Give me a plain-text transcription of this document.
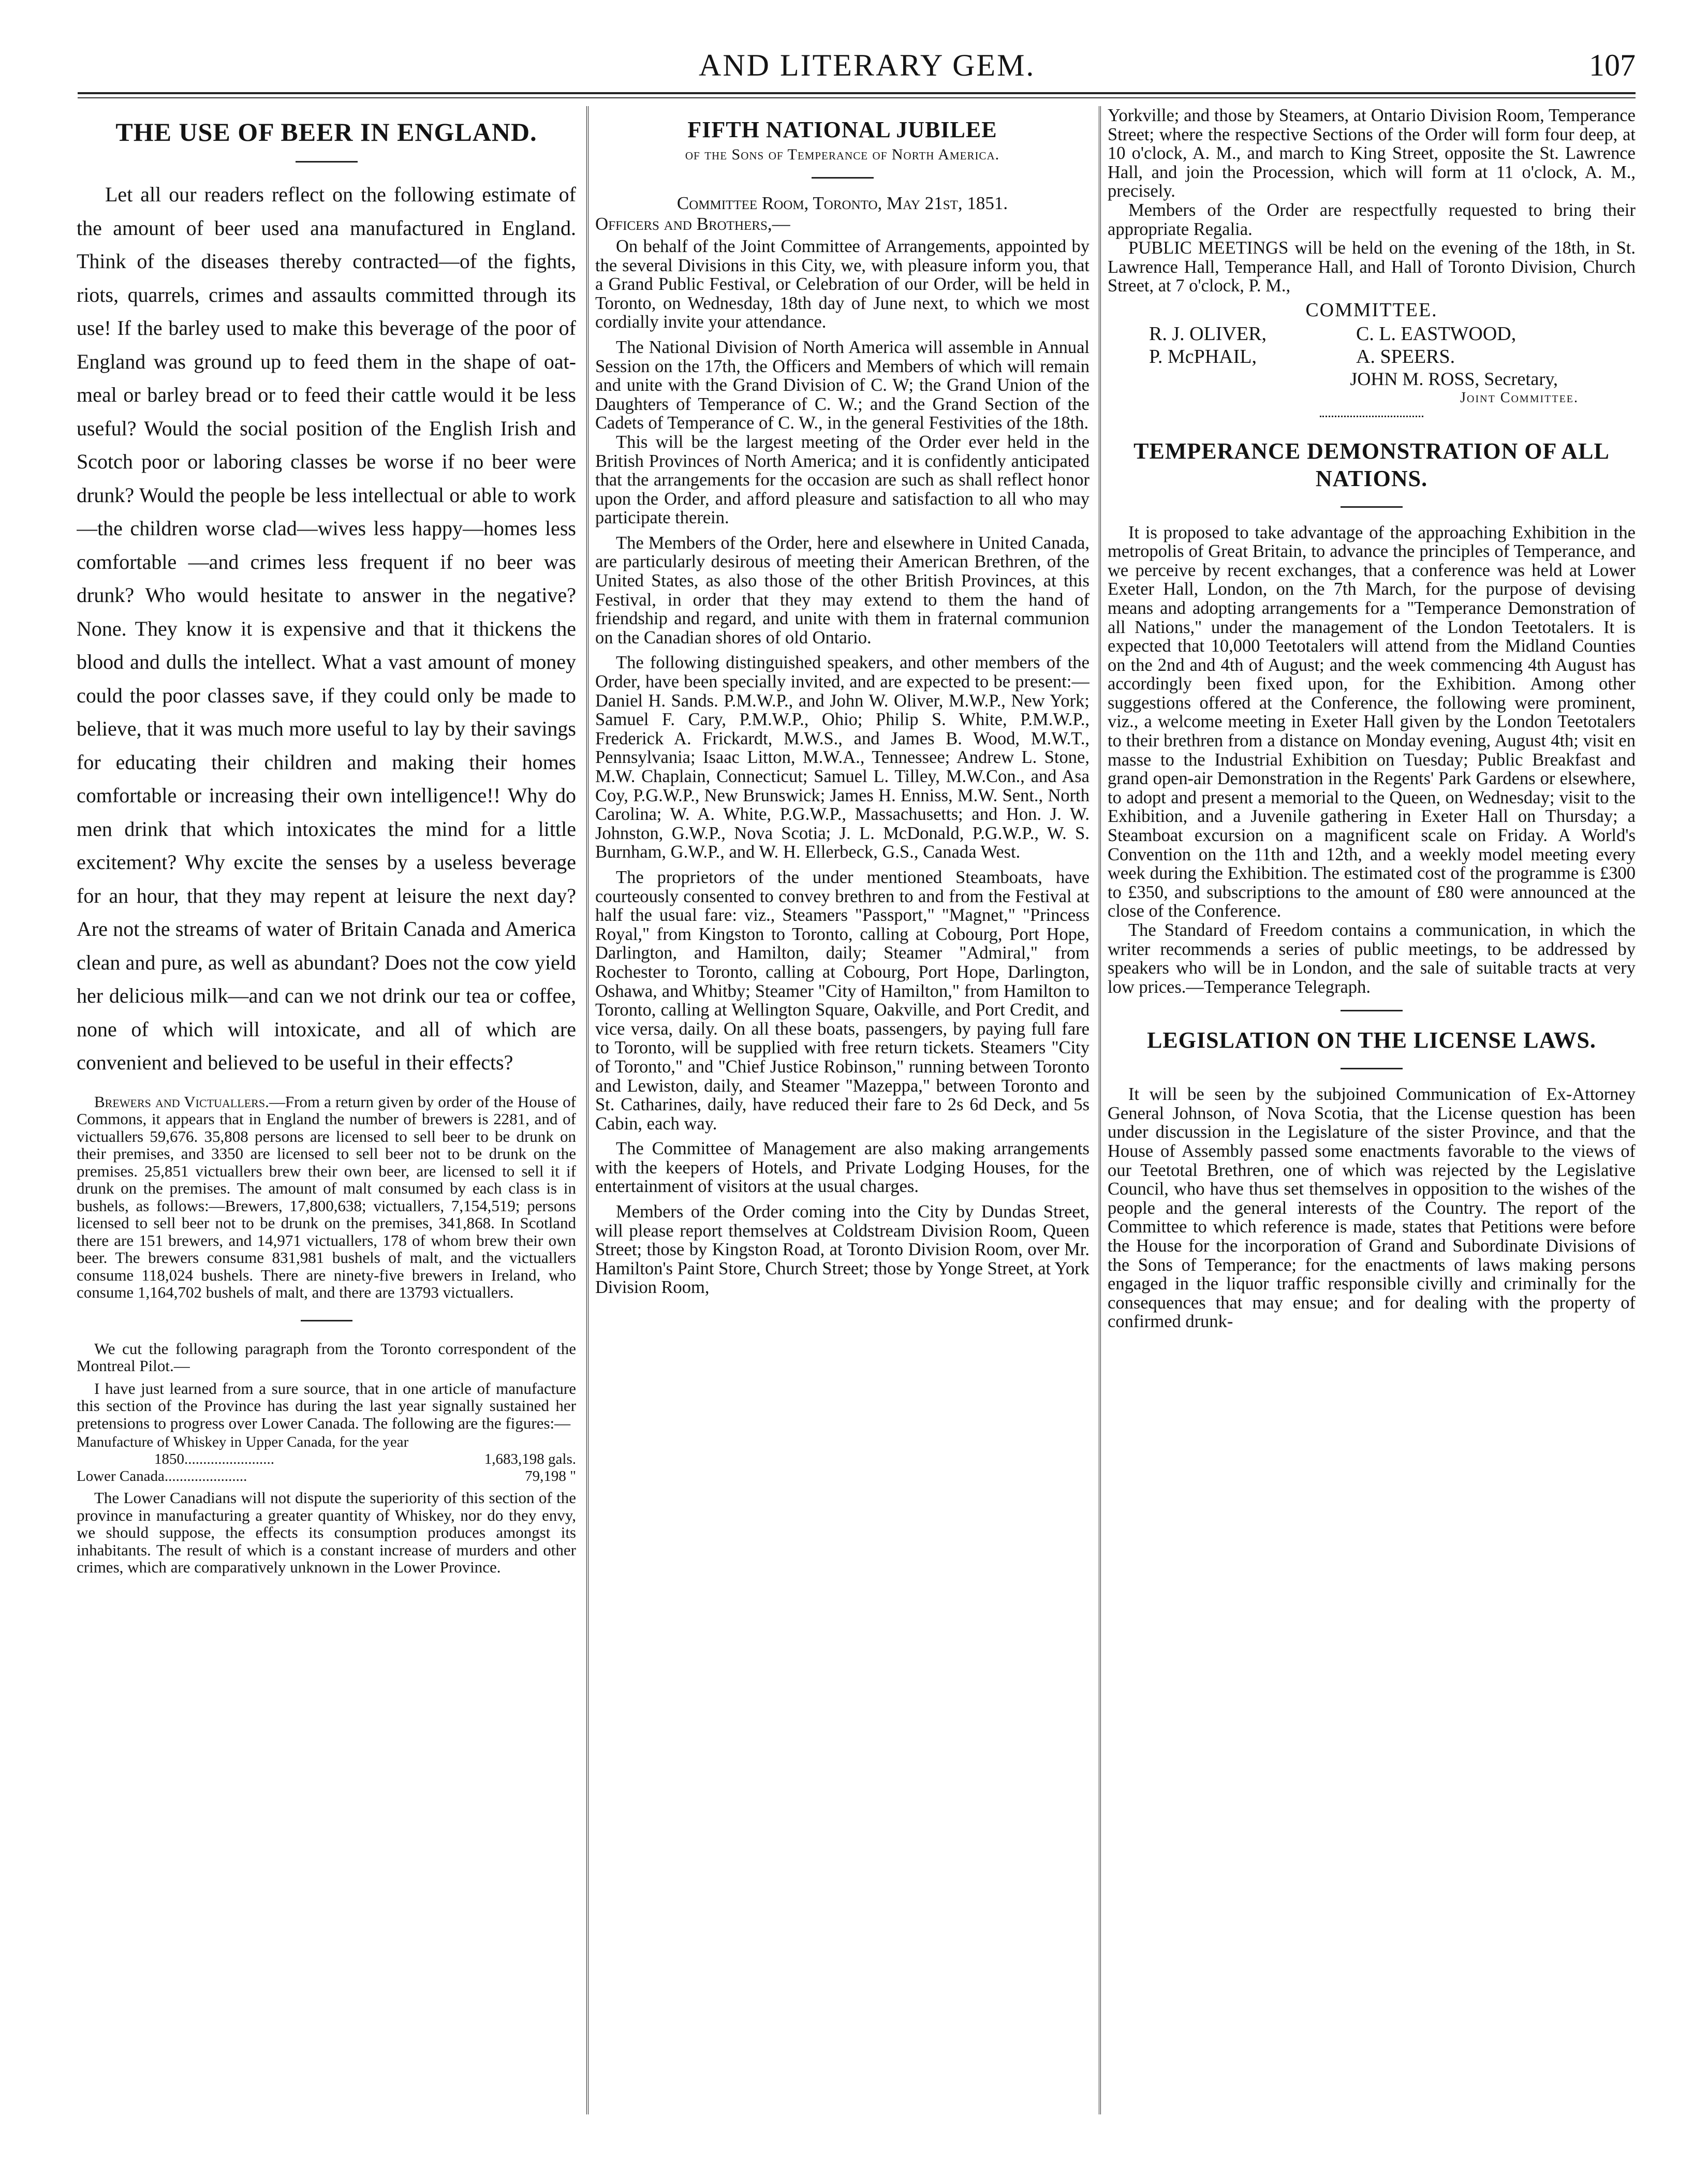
AND LITERARY GEM.	107
THE USE OF BEER IN ENGLAND.

Let all our readers reflect on the following estimate of the amount of beer used ana manufactured in England. Think of the diseases thereby contracted—of the fights, riots, quarrels, crimes and assaults committed through its use! If the barley used to make this beverage of the poor of England was ground up to feed them in the shape of oat-meal or barley bread or to feed their cattle would it be less useful? Would the social position of the English Irish and Scotch poor or laboring classes be worse if no beer were drunk? Would the people be less intellectual or able to work—the children worse clad—wives less happy—homes less comfortable —and crimes less frequent if no beer was drunk? Who would hesitate to answer in the negative? None. They know it is expensive and that it thickens the blood and dulls the intellect. What a vast amount of money could the poor classes save, if they could only be made to believe, that it was much more useful to lay by their savings for educating their children and making their homes comfortable or increasing their own intelligence!! Why do men drink that which intoxicates the mind for a little excitement? Why excite the senses by a useless beverage for an hour, that they may repent at leisure the next day? Are not the streams of water of Britain Canada and America clean and pure, as well as abundant? Does not the cow yield her delicious milk—and can we not drink our tea or coffee, none of which will intoxicate, and all of which are convenient and believed to be useful in their effects?

Brewers and Victuallers.—From a return given by order of the House of Commons, it appears that in England the number of brewers is 2281, and of victuallers 59,676. 35,808 persons are licensed to sell beer to be drunk on their premises, and 3350 are licensed to sell beer not to be drunk on the premises. 25,851 victuallers brew their own beer, are licensed to sell it if drunk on the premises. The amount of malt consumed by each class is in bushels, as follows:—Brewers, 17,800,638; victuallers, 7,154,519; persons licensed to sell beer not to be drunk on the premises, 341,868. In Scotland there are 151 brewers, and 14,971 victuallers, 178 of whom brew their own beer. The brewers consume 831,981 bushels of malt, and the victuallers consume 118,024 bushels. There are ninety-five brewers in Ireland, who consume 1,164,702 bushels of malt, and there are 13793 victuallers.

We cut the following paragraph from the Toronto correspondent of the Montreal Pilot.—

I have just learned from a sure source, that in one article of manufacture this section of the Province has during the last year signally sustained her pretensions to progress over Lower Canada. The following are the figures:—

Manufacture of Whiskey in Upper Canada, for the year
1850........................	1,683,198 gals.
Lower Canada......................	79,198 "

The Lower Canadians will not dispute the superiority of this section of the province in manufacturing a greater quantity of Whiskey, nor do they envy, we should suppose, the effects its consumption produces amongst its inhabitants. The result of which is a constant increase of murders and other crimes, which are comparatively unknown in the Lower Province.

FIFTH NATIONAL JUBILEE
of the Sons of Temperance of North America.

Committee Room, Toronto, May 21st, 1851.

Officers and Brothers,—

On behalf of the Joint Committee of Arrangements, appointed by the several Divisions in this City, we, with pleasure inform you, that a Grand Public Festival, or Celebration of our Order, will be held in Toronto, on Wednesday, 18th day of June next, to which we most cordially invite your attendance.

The National Division of North America will assemble in Annual Session on the 17th, the Officers and Members of which will remain and unite with the Grand Division of C. W; the Grand Union of the Daughters of Temperance of C. W.; and the Grand Section of the Cadets of Temperance of C. W., in the general Festivities of the 18th.

This will be the largest meeting of the Order ever held in the British Provinces of North America; and it is confidently anticipated that the arrangements for the occasion are such as shall reflect honor upon the Order, and afford pleasure and satisfaction to all who may participate therein.

The Members of the Order, here and elsewhere in United Canada, are particularly desirous of meeting their American Brethren, of the United States, as also those of the other British Provinces, at this Festival, in order that they may extend to them the hand of friendship and regard, and unite with them in fraternal communion on the Canadian shores of old Ontario.

The following distinguished speakers, and other members of the Order, have been specially invited, and are expected to be present:—Daniel H. Sands. P.M.W.P., and John W. Oliver, M.W.P., New York; Samuel F. Cary, P.M.W.P., Ohio; Philip S. White, P.M.W.P., Frederick A. Frickardt, M.W.S., and James B. Wood, M.W.T., Pennsylvania; Isaac Litton, M.W.A., Tennessee; Andrew L. Stone, M.W. Chaplain, Connecticut; Samuel L. Tilley, M.W.Con., and Asa Coy, P.G.W.P., New Brunswick; James H. Enniss, M.W. Sent., North Carolina; W. A. White, P.G.W.P., Massachusetts; and Hon. J. W. Johnston, G.W.P., Nova Scotia; J. L. McDonald, P.G.W.P., W. S. Burnham, G.W.P., and W. H. Ellerbeck, G.S., Canada West.

The proprietors of the under mentioned Steamboats, have courteously consented to convey brethren to and from the Festival at half the usual fare: viz., Steamers "Passport," "Magnet," "Princess Royal," from Kingston to Toronto, calling at Cobourg, Port Hope, Darlington, and Hamilton, daily; Steamer "Admiral," from Rochester to Toronto, calling at Cobourg, Port Hope, Darlington, Oshawa, and Whitby; Steamer "City of Hamilton," from Hamilton to Toronto, calling at Wellington Square, Oakville, and Port Credit, and vice versa, daily. On all these boats, passengers, by paying full fare to Toronto, will be supplied with free return tickets. Steamers "City of Toronto," and "Chief Justice Robinson," running between Toronto and Lewiston, daily, and Steamer "Mazeppa," between Toronto and St. Catharines, daily, have reduced their fare to 2s 6d Deck, and 5s Cabin, each way.

The Committee of Management are also making arrangements with the keepers of Hotels, and Private Lodging Houses, for the entertainment of visitors at the usual charges.

Members of the Order coming into the City by Dundas Street, will please report themselves at Coldstream Division Room, Queen Street; those by Kingston Road, at Toronto Division Room, over Mr. Hamilton's Paint Store, Church Street; those by Yonge Street, at York Division Room,

Yorkville; and those by Steamers, at Ontario Division Room, Temperance Street; where the respective Sections of the Order will form four deep, at 10 o'clock, A. M., and march to King Street, opposite the St. Lawrence Hall, and join the Procession, which will form at 11 o'clock, A. M., precisely.

Members of the Order are respectfully requested to bring their appropriate Regalia.

PUBLIC MEETINGS will be held on the evening of the 18th, in St. Lawrence Hall, Temperance Hall, and Hall of Toronto Division, Church Street, at 7 o'clock, P. M.,

COMMITTEE.
R. J. OLIVER,	C. L. EASTWOOD,
P. McPHAIL,	A. SPEERS.
JOHN M. ROSS, Secretary,
Joint Committee.
TEMPERANCE DEMONSTRATION OF ALL NATIONS.

It is proposed to take advantage of the approaching Exhibition in the metropolis of Great Britain, to advance the principles of Temperance, and we perceive by recent exchanges, that a conference was held at Lower Exeter Hall, London, on the 7th March, for the purpose of devising means and adopting arrangements for a "Temperance Demonstration of all Nations," under the management of the London Teetotalers. It is expected that 10,000 Teetotalers will attend from the Midland Counties on the 2nd and 4th of August; and the week commencing 4th August has accordingly been fixed upon, for the Exhibition. Among other suggestions offered at the Conference, the following were prominent, viz., a welcome meeting in Exeter Hall given by the London Teetotalers to their brethren from a distance on Monday evening, August 4th; visit en masse to the Industrial Exhibition on Tuesday; Public Breakfast and grand open-air Demonstration in the Regents' Park Gardens or elsewhere, to adopt and present a memorial to the Queen, on Wednesday; visit to the Exhibition, and a Juvenile gathering in Exeter Hall on Thursday; a Steamboat excursion on a magnificent scale on Friday. A World's Convention on the 11th and 12th, and a weekly model meeting every week during the Exhibition. The estimated cost of the programme is £300 to £350, and subscriptions to the amount of £80 were announced at the close of the Conference.

The Standard of Freedom contains a communication, in which the writer recommends a series of public meetings, to be addressed by speakers who will be in London, and the sale of suitable tracts at very low prices.—Temperance Telegraph.

LEGISLATION ON THE LICENSE LAWS.

It will be seen by the subjoined Communication of Ex-Attorney General Johnson, of Nova Scotia, that the License question has been under discussion in the Legislature of the sister Province, and that the House of Assembly passed some enactments favorable to the views of our Teetotal Brethren, one of which was rejected by the Legislative Council, who have thus set themselves in opposition to the wishes of the people and the general interests of the Country. The report of the Committee to which reference is made, states that Petitions were before the House for the incorporation of Grand and Subordinate Divisions of the Sons of Temperance; for the enactments of laws making persons engaged in the liquor traffic responsible civilly and criminally for the consequences that may ensue; and for dealing with the property of confirmed drunk-
